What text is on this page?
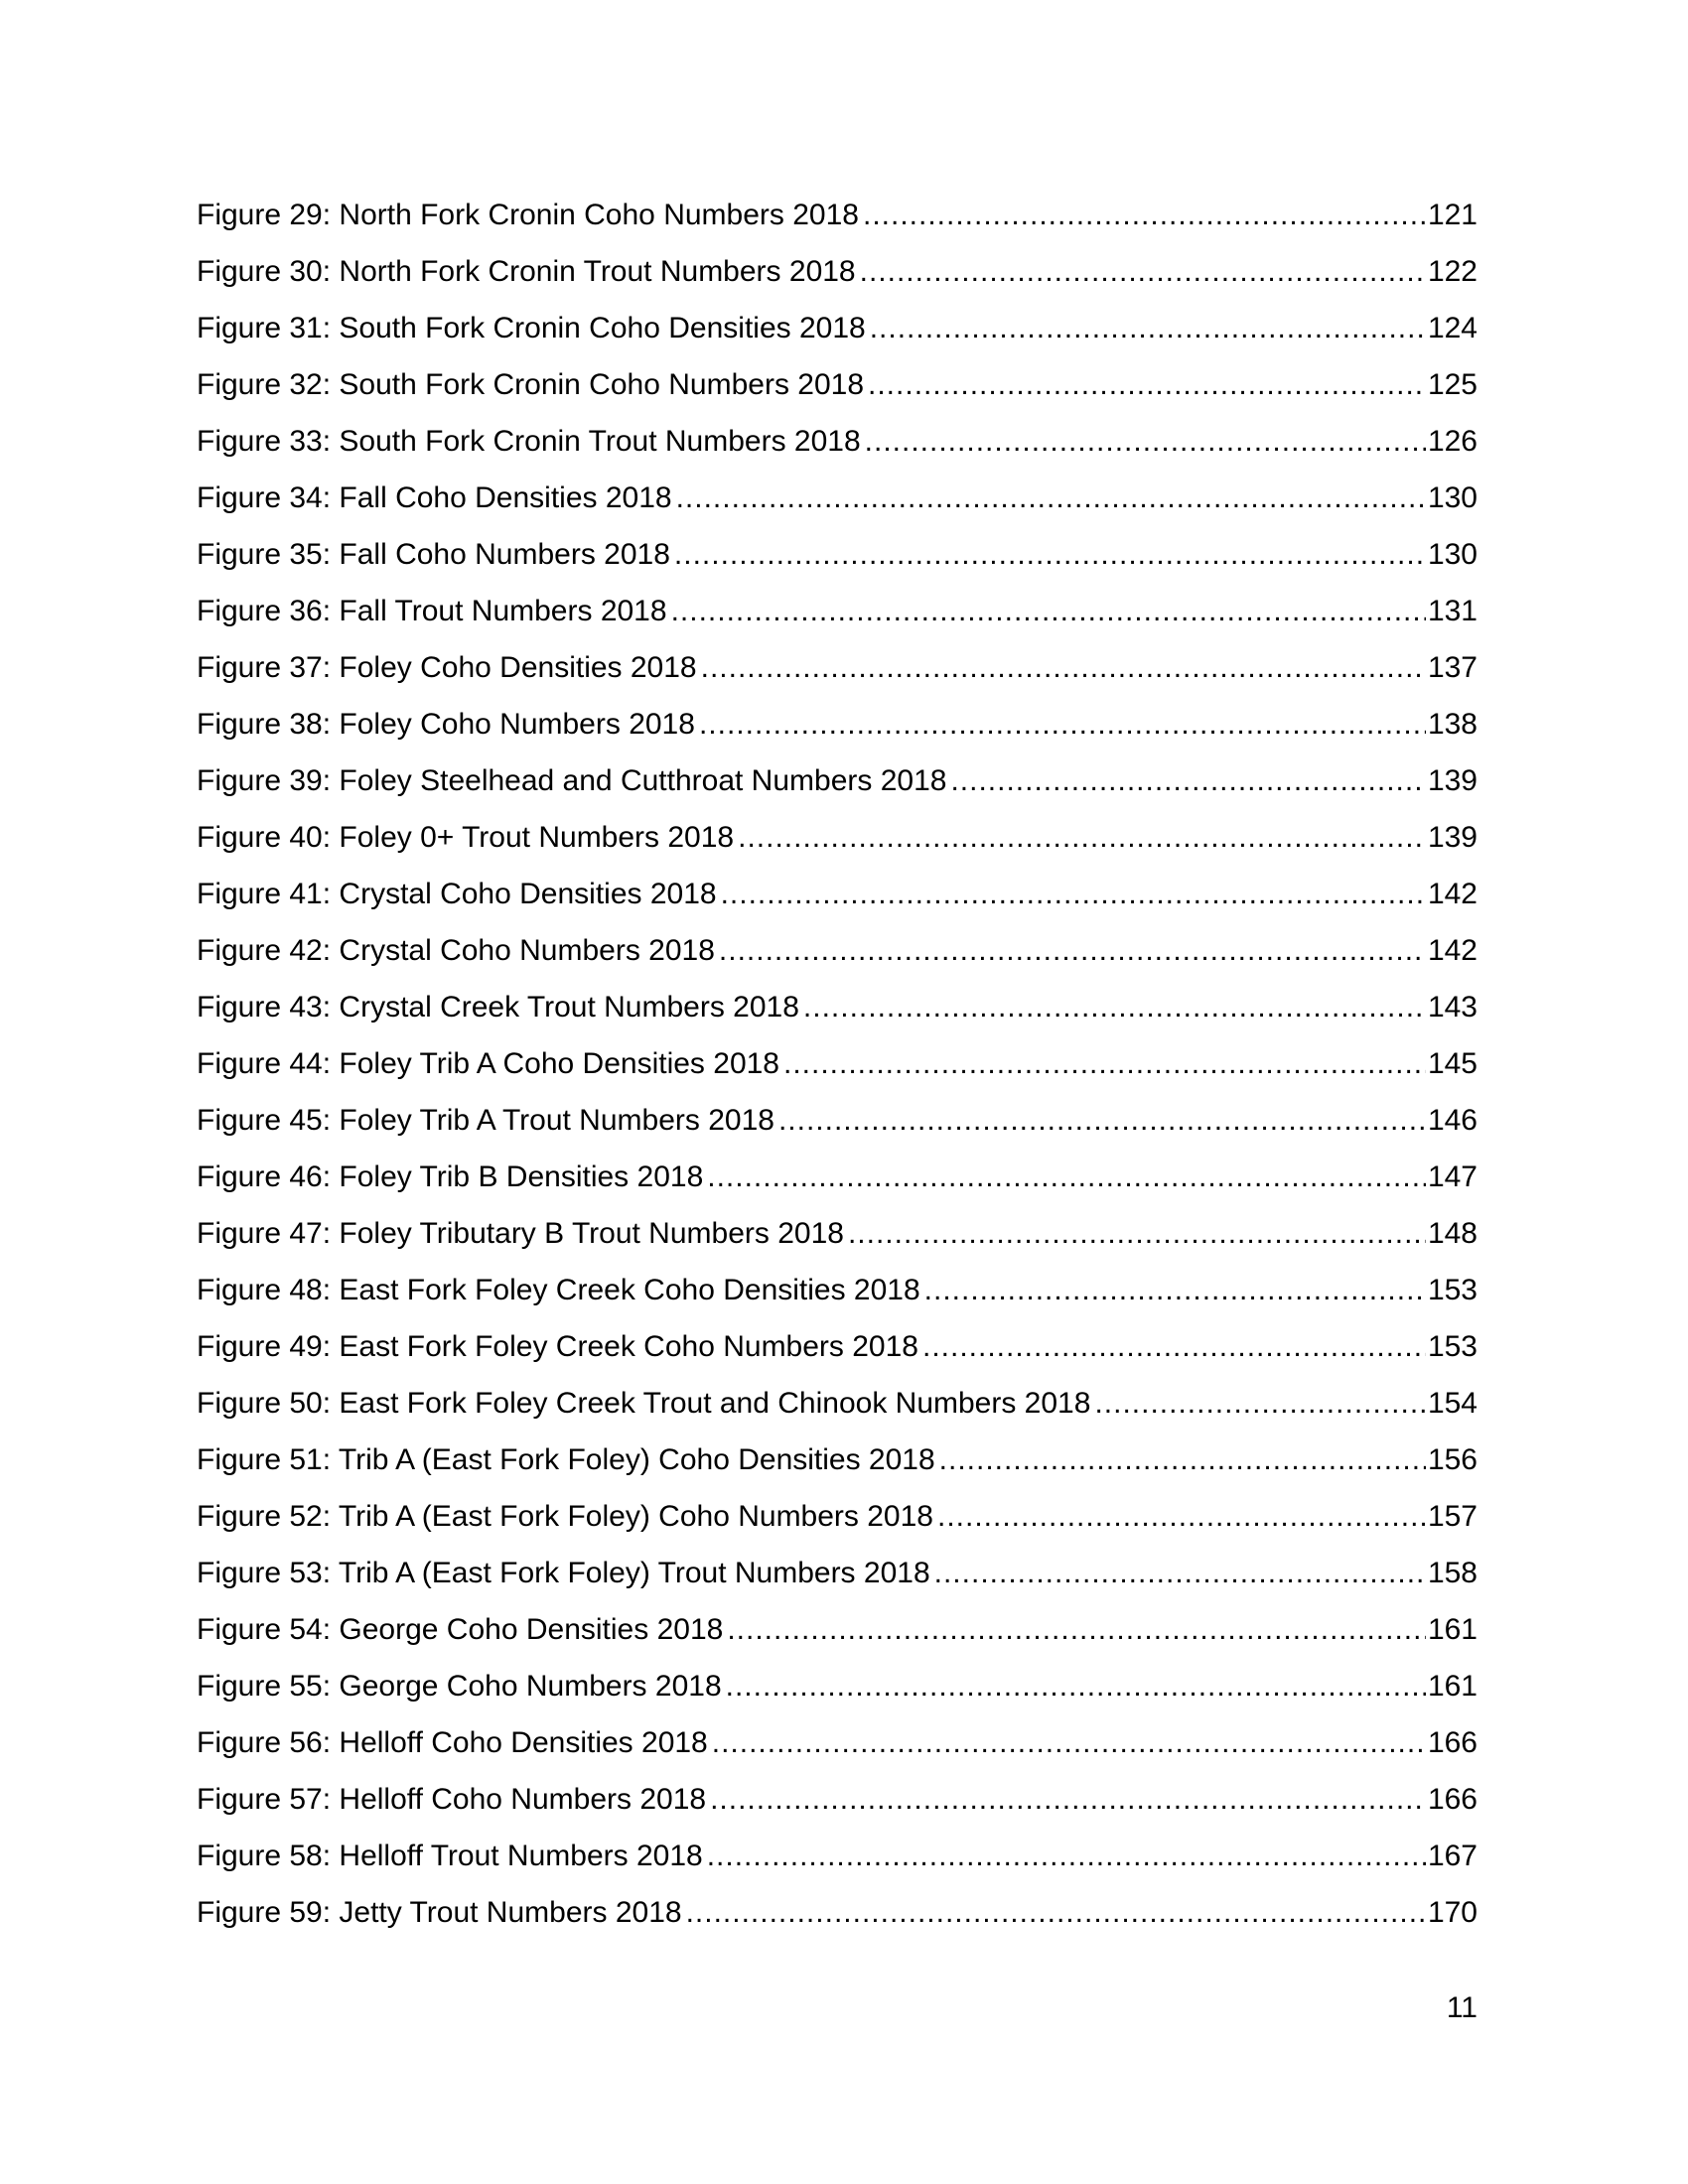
Figure 29: North Fork Cronin Coho Numbers 2018 .....	121
Figure 30: North Fork Cronin Trout Numbers 2018 .....	122
Figure 31: South Fork Cronin Coho Densities 2018 .....	124
Figure 32: South Fork Cronin Coho Numbers 2018 .....	125
Figure 33: South Fork Cronin Trout Numbers 2018 .....	126
Figure 34: Fall Coho Densities 2018 .....	130
Figure 35: Fall Coho Numbers 2018 .....	130
Figure 36: Fall Trout Numbers 2018 .....	131
Figure 37: Foley Coho Densities 2018 .....	137
Figure 38: Foley Coho Numbers 2018 .....	138
Figure 39: Foley Steelhead and Cutthroat Numbers 2018 .....	139
Figure 40: Foley 0+ Trout Numbers 2018 .....	139
Figure 41: Crystal Coho Densities 2018 .....	142
Figure 42: Crystal Coho Numbers 2018 .....	142
Figure 43: Crystal Creek Trout Numbers 2018 .....	143
Figure 44: Foley Trib A Coho Densities 2018 .....	145
Figure 45: Foley Trib A Trout Numbers 2018 .....	146
Figure 46: Foley Trib B Densities 2018 .....	147
Figure 47: Foley Tributary B Trout Numbers 2018 .....	148
Figure 48: East Fork Foley Creek Coho Densities 2018 .....	153
Figure 49: East Fork Foley Creek Coho Numbers 2018 .....	153
Figure 50: East Fork Foley Creek Trout and Chinook Numbers 2018 .....	154
Figure 51: Trib A (East Fork Foley) Coho Densities 2018 .....	156
Figure 52: Trib A (East Fork Foley) Coho Numbers 2018 .....	157
Figure 53: Trib A (East Fork Foley) Trout Numbers 2018 .....	158
Figure 54: George Coho Densities 2018 .....	161
Figure 55: George Coho Numbers 2018 .....	161
Figure 56: Helloff Coho Densities 2018 .....	166
Figure 57: Helloff Coho Numbers 2018 .....	166
Figure 58: Helloff Trout Numbers 2018 .....	167
Figure 59: Jetty Trout Numbers 2018 .....	170
11
